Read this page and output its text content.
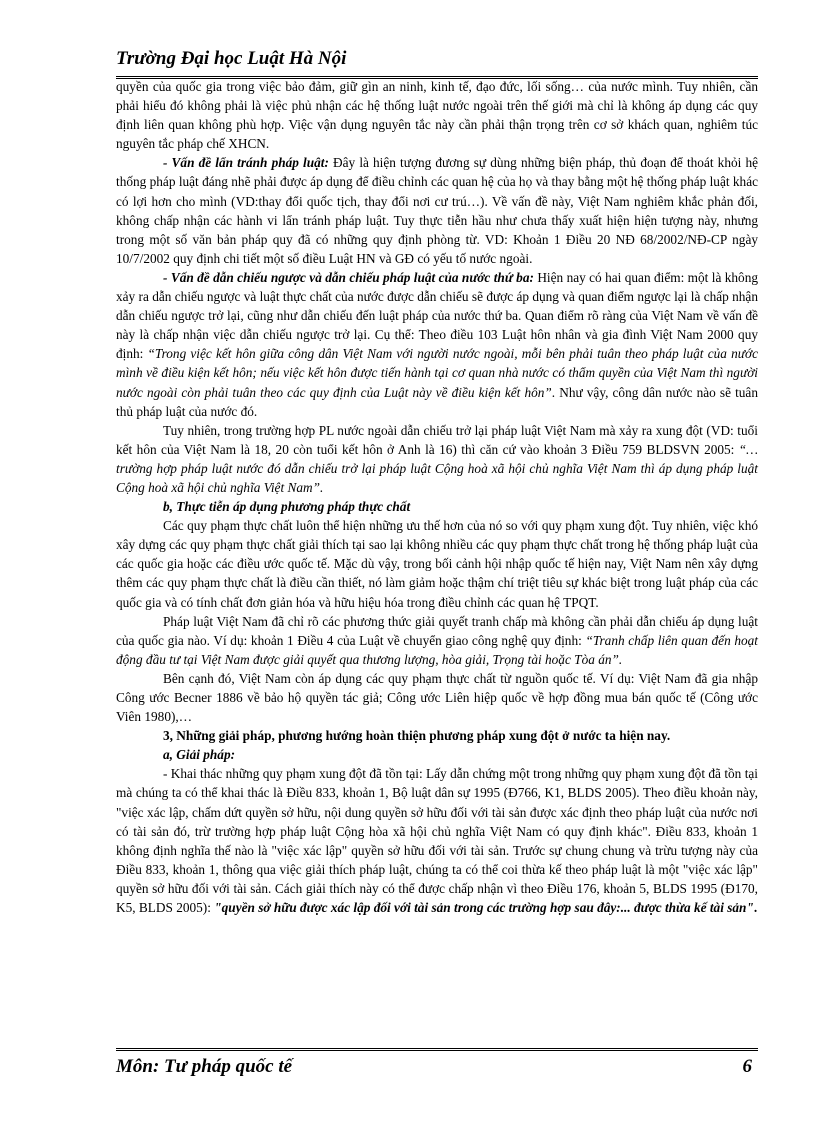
Trường Đại học Luật Hà Nội

quyền của quốc gia trong việc bảo đảm, giữ gìn an ninh, kinh tế, đạo đức, lối sống… của nước mình. Tuy nhiên, cần phải hiểu đó không phải là việc phủ nhận các hệ thống luật nước ngoài trên thế giới mà chỉ là không áp dụng các quy định liên quan không phù hợp. Việc vận dụng nguyên tắc này cần phải thận trọng trên cơ sở khách quan, nghiêm túc nguyên tắc pháp chế XHCN.

- Vấn đề lẩn tránh pháp luật: Đây là hiện tượng đương sự dùng những biện pháp, thủ đoạn để thoát khỏi hệ thống pháp luật đáng nhẽ phải được áp dụng để điều chỉnh các quan hệ của họ và thay bằng một hệ thống pháp luật khác có lợi hơn cho mình (VD:thay đổi quốc tịch, thay đổi nơi cư trú…). Về vấn đề này, Việt Nam nghiêm khắc phản đối, không chấp nhận các hành vi lẩn tránh pháp luật. Tuy thực tiễn hầu như chưa thấy xuất hiện hiện tượng này, nhưng trong một số văn bản pháp quy đã có những quy định phòng từ. VD: Khoản 1 Điều 20 NĐ 68/2002/NĐ-CP ngày 10/7/2002 quy định chi tiết một số điều Luật HN và GĐ có yếu tố nước ngoài.

- Vấn đề dẫn chiếu ngược và dẫn chiếu pháp luật của nước thứ ba: Hiện nay có hai quan điểm: một là không xảy ra dẫn chiếu ngược và luật thực chất của nước được dẫn chiếu sẽ được áp dụng và quan điểm ngược lại là chấp nhận dẫn chiếu ngược trở lại, cũng như dẫn chiếu đến luật pháp của nước thứ ba. Quan điểm rõ ràng của Việt Nam về vấn đề này là chấp nhận việc dẫn chiếu ngược trở lại. Cụ thể: Theo điều 103 Luật hôn nhân và gia đình Việt Nam 2000 quy định: “Trong việc kết hôn giữa công dân Việt Nam với người nước ngoài, mỗi bên phải tuân theo pháp luật của nước mình về điều kiện kết hôn; nếu việc kết hôn được tiến hành tại cơ quan nhà nước có thẩm quyền của Việt Nam thì người nước ngoài còn phải tuân theo các quy định của Luật này về điều kiện kết hôn”. Như vậy, công dân nước nào sẽ tuân thủ pháp luật của nước đó.

Tuy nhiên, trong trường hợp PL nước ngoài dẫn chiếu trở lại pháp luật Việt Nam mà xảy ra xung đột (VD: tuổi kết hôn của Việt Nam là 18, 20 còn tuổi kết hôn ở Anh là 16) thì căn cứ vào khoản 3 Điều 759 BLDSVN 2005: “…trường hợp pháp luật nước đó dẫn chiếu trở lại pháp luật Cộng hoà xã hội chủ nghĩa Việt Nam thì áp dụng pháp luật Cộng hoà xã hội chủ nghĩa Việt Nam”.

b, Thực tiễn áp dụng phương pháp thực chất

Các quy phạm thực chất luôn thể hiện những ưu thế hơn của nó so với quy phạm xung đột. Tuy nhiên, việc khó xây dựng các quy phạm thực chất giải thích tại sao lại không nhiều các quy phạm thực chất trong hệ thống pháp luật của các quốc gia hoặc các điều ước quốc tế. Mặc dù vậy, trong bối cảnh hội nhập quốc tế hiện nay, Việt Nam nên xây dựng thêm các quy phạm thực chất là điều cần thiết, nó làm giảm hoặc thậm chí triệt tiêu sự khác biệt trong luật pháp của các quốc gia và có tính chất đơn giản hóa và hữu hiệu hóa trong điều chỉnh các quan hệ TPQT.

Pháp luật Việt Nam đã chỉ rõ các phương thức giải quyết tranh chấp mà không cần phải dẫn chiếu áp dụng luật của quốc gia nào. Ví dụ: khoản 1 Điều 4 của Luật về chuyển giao công nghệ quy định: “Tranh chấp liên quan đến hoạt động đầu tư tại Việt Nam được giải quyết qua thương lượng, hòa giải, Trọng tài hoặc Tòa án”.

Bên cạnh đó, Việt Nam còn áp dụng các quy phạm thực chất từ nguồn quốc tế. Ví dụ: Việt Nam đã gia nhập Công ước Becner 1886 về bảo hộ quyền tác giả; Công ước Liên hiệp quốc về hợp đồng mua bán quốc tế (Công ước Viên 1980),…

3, Những giải pháp, phương hướng hoàn thiện phương pháp xung đột ở nước ta hiện nay.

a, Giải pháp:

- Khai thác những quy phạm xung đột đã tồn tại: Lấy dẫn chứng một trong những quy phạm xung đột đã tồn tại mà chúng ta có thể khai thác là Điều 833, khoản 1, Bộ luật dân sự 1995 (Đ766, K1, BLDS 2005). Theo điều khoản này, "việc xác lập, chấm dứt quyền sở hữu, nội dung quyền sở hữu đối với tài sản được xác định theo pháp luật của nước nơi có tài sản đó, trừ trường hợp pháp luật Cộng hòa xã hội chủ nghĩa Việt Nam có quy định khác". Điều 833, khoản 1 không định nghĩa thế nào là "việc xác lập" quyền sở hữu đối với tài sản. Trước sự chung chung và trừu tượng này của Điều 833, khoản 1, thông qua việc giải thích pháp luật, chúng ta có thể coi thừa kế theo pháp luật là một "việc xác lập" quyền sở hữu đối với tài sản. Cách giải thích này có thể được chấp nhận vì theo Điều 176, khoản 5, BLDS 1995 (Đ170, K5, BLDS 2005): "quyền sở hữu được xác lập đối với tài sản trong các trường hợp sau đây:... được thừa kế tài sản".

Môn: Tư pháp quốc tế	6
